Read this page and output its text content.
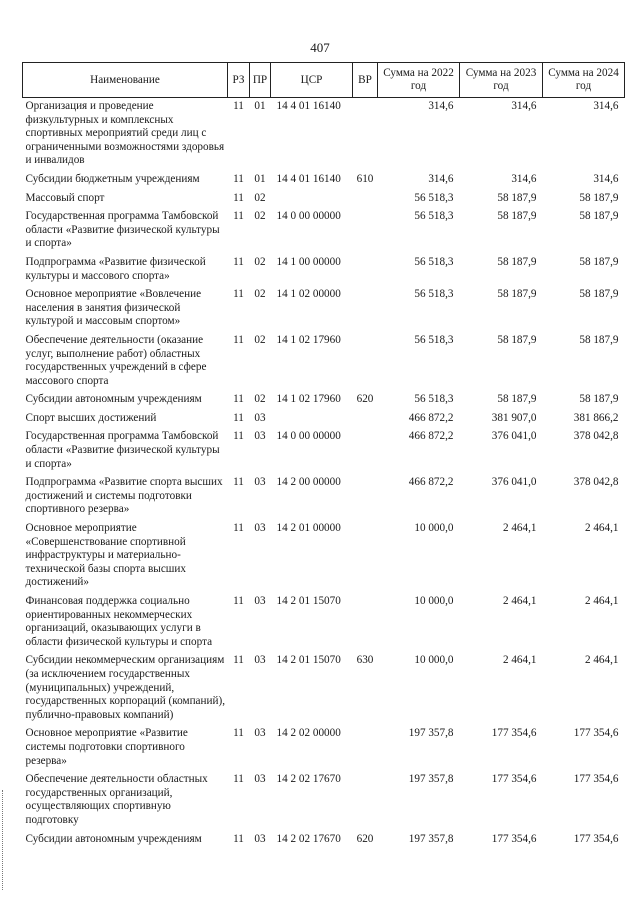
407
Наименование	РЗ	ПР	ЦСР	ВР	Сумма на 2022 год	Сумма на 2023 год	Сумма на 2024 год
Организация и проведение физкультурных и комплексных спортивных мероприятий среди лиц с ограниченными возможностями здоровья и инвалидов	11	01	14 4 01 16140		314,6	314,6	314,6
Субсидии бюджетным учреждениям	11	01	14 4 01 16140	610	314,6	314,6	314,6
Массовый спорт	11	02			56 518,3	58 187,9	58 187,9
Государственная программа Тамбовской области «Развитие физической культуры и спорта»	11	02	14 0 00 00000		56 518,3	58 187,9	58 187,9
Подпрограмма «Развитие физической культуры и массового спорта»	11	02	14 1 00 00000		56 518,3	58 187,9	58 187,9
Основное мероприятие «Вовлечение населения в занятия физической культурой и массовым спортом»	11	02	14 1 02 00000		56 518,3	58 187,9	58 187,9
Обеспечение деятельности (оказание услуг, выполнение работ) областных государственных учреждений в сфере массового спорта	11	02	14 1 02 17960		56 518,3	58 187,9	58 187,9
Субсидии автономным учреждениям	11	02	14 1 02 17960	620	56 518,3	58 187,9	58 187,9
Спорт высших достижений	11	03			466 872,2	381 907,0	381 866,2
Государственная программа Тамбовской области «Развитие физической культуры и спорта»	11	03	14 0 00 00000		466 872,2	376 041,0	378 042,8
Подпрограмма «Развитие спорта высших достижений и системы подготовки спортивного резерва»	11	03	14 2 00 00000		466 872,2	376 041,0	378 042,8
Основное мероприятие «Совершенствование спортивной инфраструктуры и материально-технической базы спорта высших достижений»	11	03	14 2 01 00000		10 000,0	2 464,1	2 464,1
Финансовая поддержка социально ориентированных некоммерческих организаций, оказывающих услуги в области физической культуры и спорта	11	03	14 2 01 15070		10 000,0	2 464,1	2 464,1
Субсидии некоммерческим организациям (за исключением государственных (муниципальных) учреждений, государственных корпораций (компаний), публично-правовых компаний)	11	03	14 2 01 15070	630	10 000,0	2 464,1	2 464,1
Основное мероприятие «Развитие системы подготовки спортивного резерва»	11	03	14 2 02 00000		197 357,8	177 354,6	177 354,6
Обеспечение деятельности областных государственных организаций, осуществляющих спортивную подготовку	11	03	14 2 02 17670		197 357,8	177 354,6	177 354,6
Субсидии автономным учреждениям	11	03	14 2 02 17670	620	197 357,8	177 354,6	177 354,6
